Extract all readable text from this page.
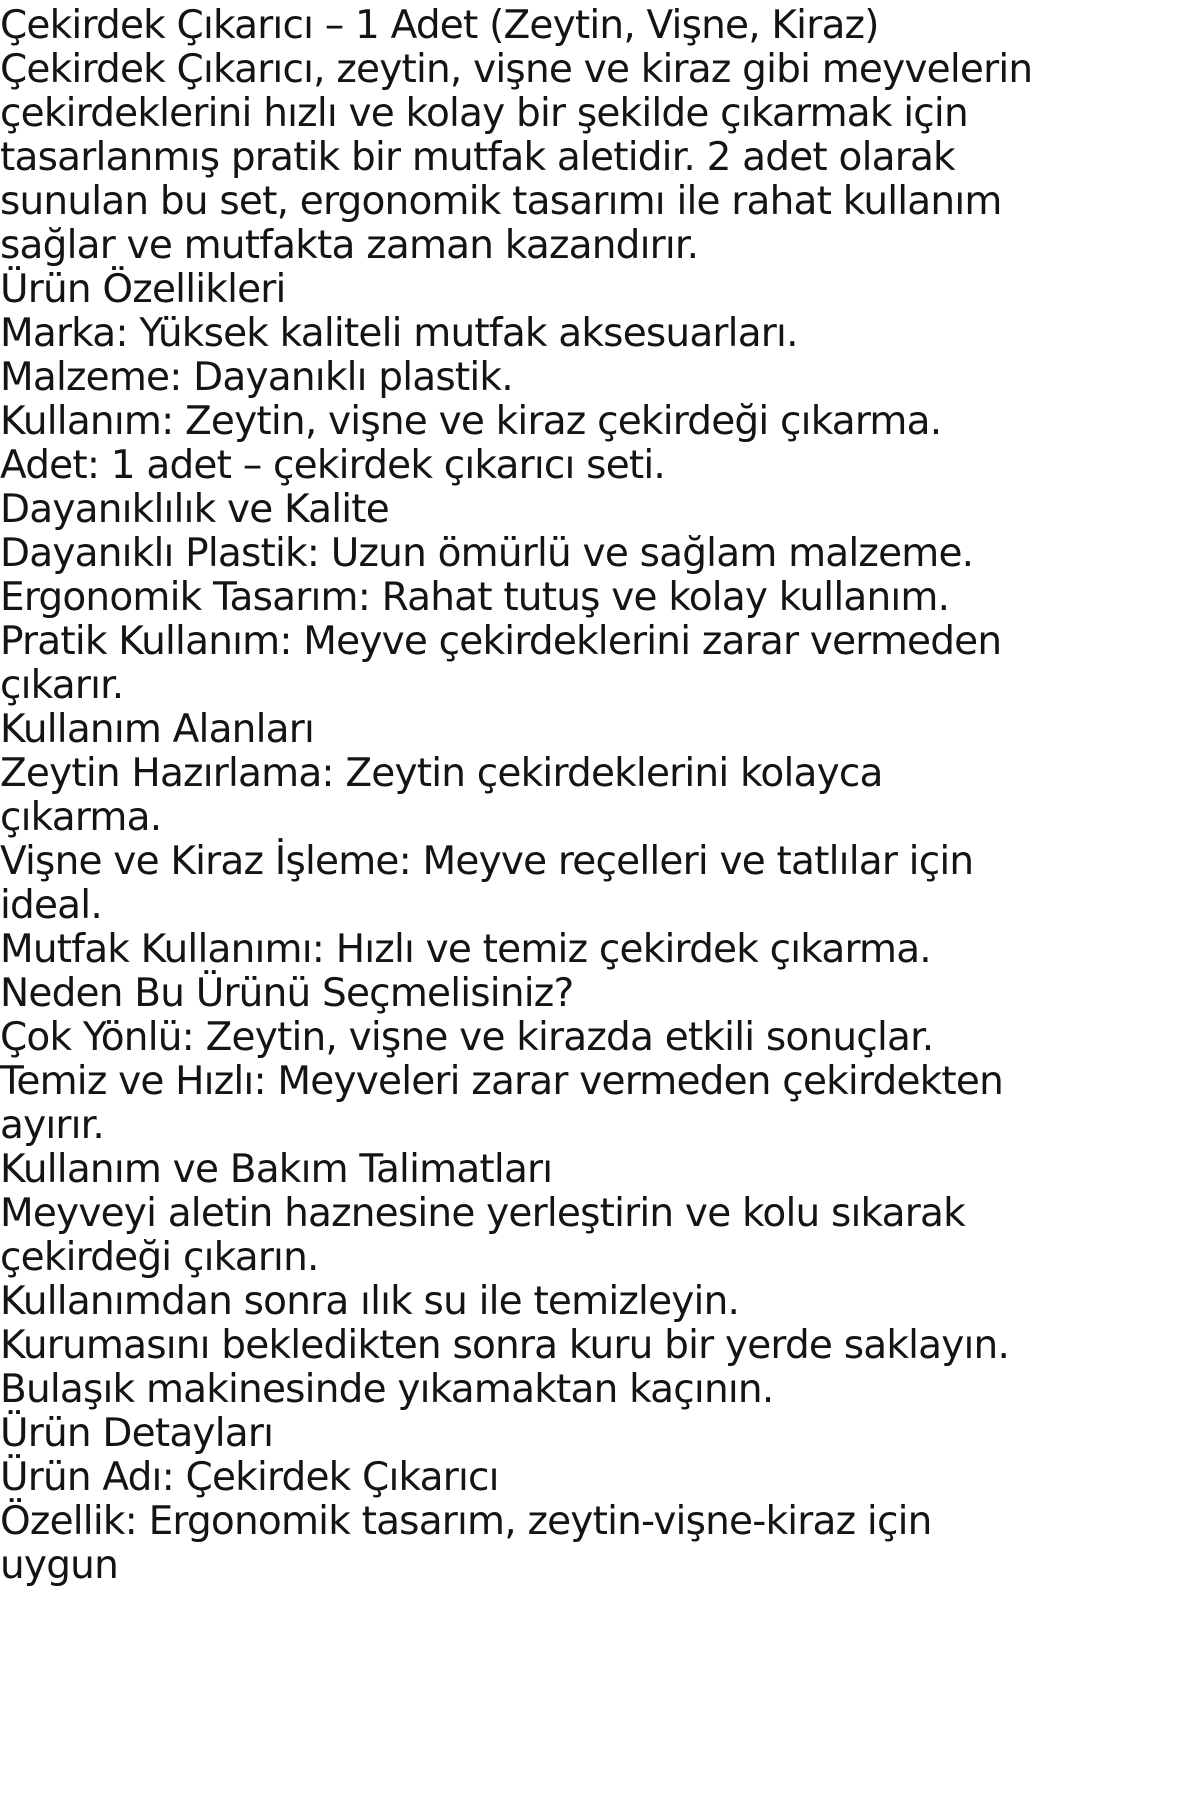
Çekirdek Çıkarıcı – 1 Adet (Zeytin, Vişne, Kiraz)
Çekirdek Çıkarıcı, zeytin, vişne ve kiraz gibi meyvelerin
çekirdeklerini hızlı ve kolay bir şekilde çıkarmak için
tasarlanmış pratik bir mutfak aletidir. 2 adet olarak
sunulan bu set, ergonomik tasarımı ile rahat kullanım
sağlar ve mutfakta zaman kazandırır.
Ürün Özellikleri
Marka: Yüksek kaliteli mutfak aksesuarları.
Malzeme: Dayanıklı plastik.
Kullanım: Zeytin, vişne ve kiraz çekirdeği çıkarma.
Adet: 1 adet – çekirdek çıkarıcı seti.
Dayanıklılık ve Kalite
Dayanıklı Plastik: Uzun ömürlü ve sağlam malzeme.
Ergonomik Tasarım: Rahat tutuş ve kolay kullanım.
Pratik Kullanım: Meyve çekirdeklerini zarar vermeden
çıkarır.
Kullanım Alanları
Zeytin Hazırlama: Zeytin çekirdeklerini kolayca
çıkarma.
Vişne ve Kiraz İşleme: Meyve reçelleri ve tatlılar için
ideal.
Mutfak Kullanımı: Hızlı ve temiz çekirdek çıkarma.
Neden Bu Ürünü Seçmelisiniz?
Çok Yönlü: Zeytin, vişne ve kirazda etkili sonuçlar.
Temiz ve Hızlı: Meyveleri zarar vermeden çekirdekten
ayırır.
Kullanım ve Bakım Talimatları
Meyveyi aletin haznesine yerleştirin ve kolu sıkarak
çekirdeği çıkarın.
Kullanımdan sonra ılık su ile temizleyin.
Kurumasını bekledikten sonra kuru bir yerde saklayın.
Bulaşık makinesinde yıkamaktan kaçının.
Ürün Detayları
Ürün Adı: Çekirdek Çıkarıcı
Özellik: Ergonomik tasarım, zeytin-vişne-kiraz için
uygun
